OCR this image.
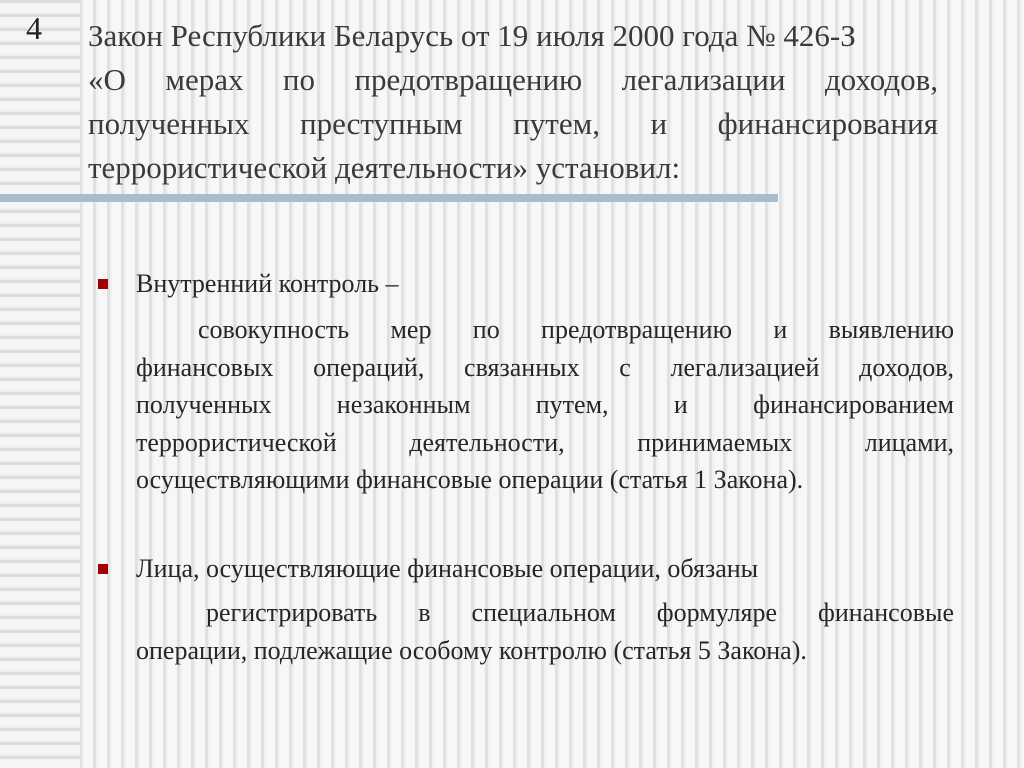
4 Закон Республики Беларусь от 19 июля 2000 года № 426-З
«О мерах по предотвращению легализации доходов,
полученных преступным путем, и финансирования
террористической деятельности» установил:
Внутренний контроль –
совокупность мер по предотвращению и выявлению
финансовых операций, связанных с легализацией доходов,
полученных незаконным путем, и финансированием
террористической деятельности, принимаемых лицами,
осуществляющими финансовые операции (статья 1 Закона).
Лица, осуществляющие финансовые операции, обязаны
регистрировать в специальном формуляре финансовые
операции, подлежащие особому контролю (статья 5 Закона).
